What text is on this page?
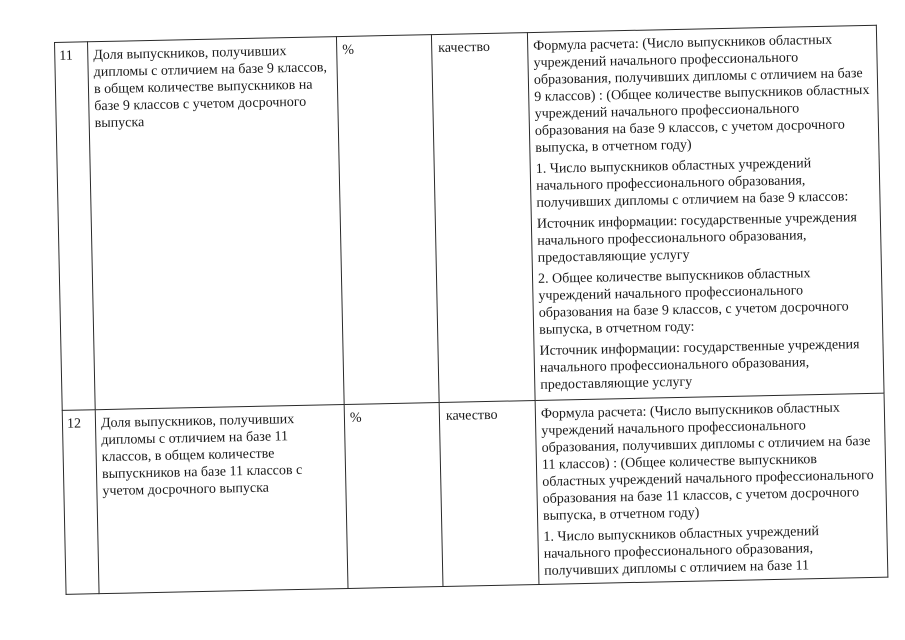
11	Доля выпускников, получивших дипломы с отличием на базе 9 классов, в общем количестве выпускников на базе 9 классов с учетом досрочного выпуска	%	качество	Формула расчета: (Число выпускников областных учреждений начального профессионального образования, получивших дипломы с отличием на базе 9 классов) : (Общее количестве выпускников областных учреждений начального профессионального образования на базе 9 классов, с учетом досрочного выпуска, в отчетном году)

1. Число выпускников областных учреждений начального профессионального образования, получивших дипломы с отличием на базе 9 классов:

Источник информации: государственные учреждения начального профессионального образования, предоставляющие услугу

2. Общее количестве выпускников областных учреждений начального профессионального образования на базе 9 классов, с учетом досрочного выпуска, в отчетном году:

Источник информации: государственные учреждения начального профессионального образования, предоставляющие услугу

12	Доля выпускников, получивших дипломы с отличием на базе 11 классов, в общем количестве выпускников на базе 11 классов с учетом досрочного выпуска	%	качество	Формула расчета: (Число выпускников областных учреждений начального профессионального образования, получивших дипломы с отличием на базе 11 классов) : (Общее количестве выпускников областных учреждений начального профессионального образования на базе 11 классов, с учетом досрочного выпуска, в отчетном году)

1. Число выпускников областных учреждений начального профессионального образования, получивших дипломы с отличием на базе 11
